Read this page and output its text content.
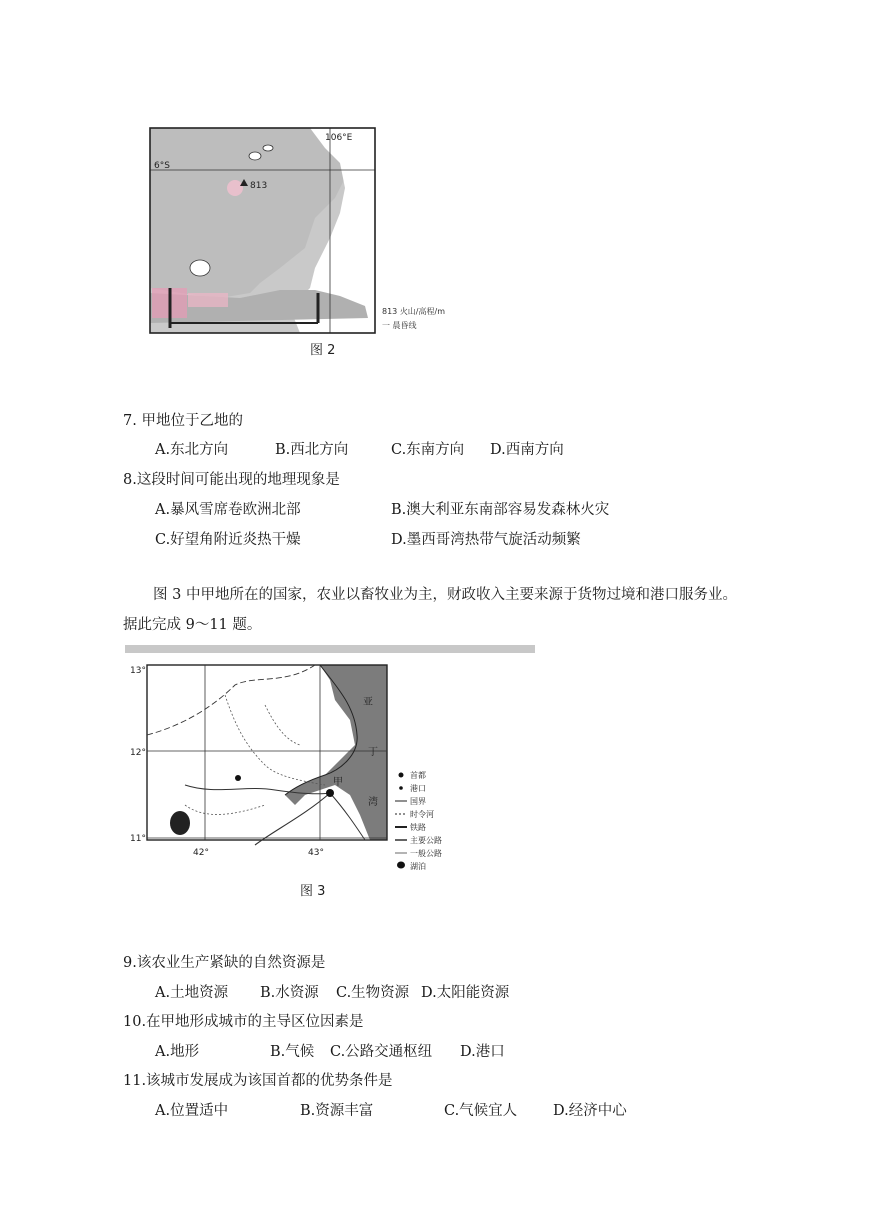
813
106°E
6°S
813 火山/高程/m
一 晨昏线
图 2
7. 甲地位于乙地的
A.东北方向	B.西北方向	C.东南方向 D.西南方向
8.这段时间可能出现的地理现象是
A.暴风雪席卷欧洲北部	B.澳大利亚东南部容易发森林火灾
C.好望角附近炎热干燥	D.墨西哥湾热带气旋活动频繁
图 3 中甲地所在的国家，农业以畜牧业为主，财政收入主要来源于货物过境和港口服务业。据此完成 9～11 题。
13°
12°
11°
42°	43°
亚
丁
湾
甲
首都
港口
国界
时令河
铁路
主要公路
一般公路
湖泊
图 3
9.该农业生产紧缺的自然资源是
A.土地资源 B.水资源 C.生物资源 D.太阳能资源
10.在甲地形成城市的主导区位因素是
A.地形	B.气候 C.公路交通枢纽 D.港口
11.该城市发展成为该国首都的优势条件是
A.位置适中	B.资源丰富	C.气候宜人 D.经济中心
